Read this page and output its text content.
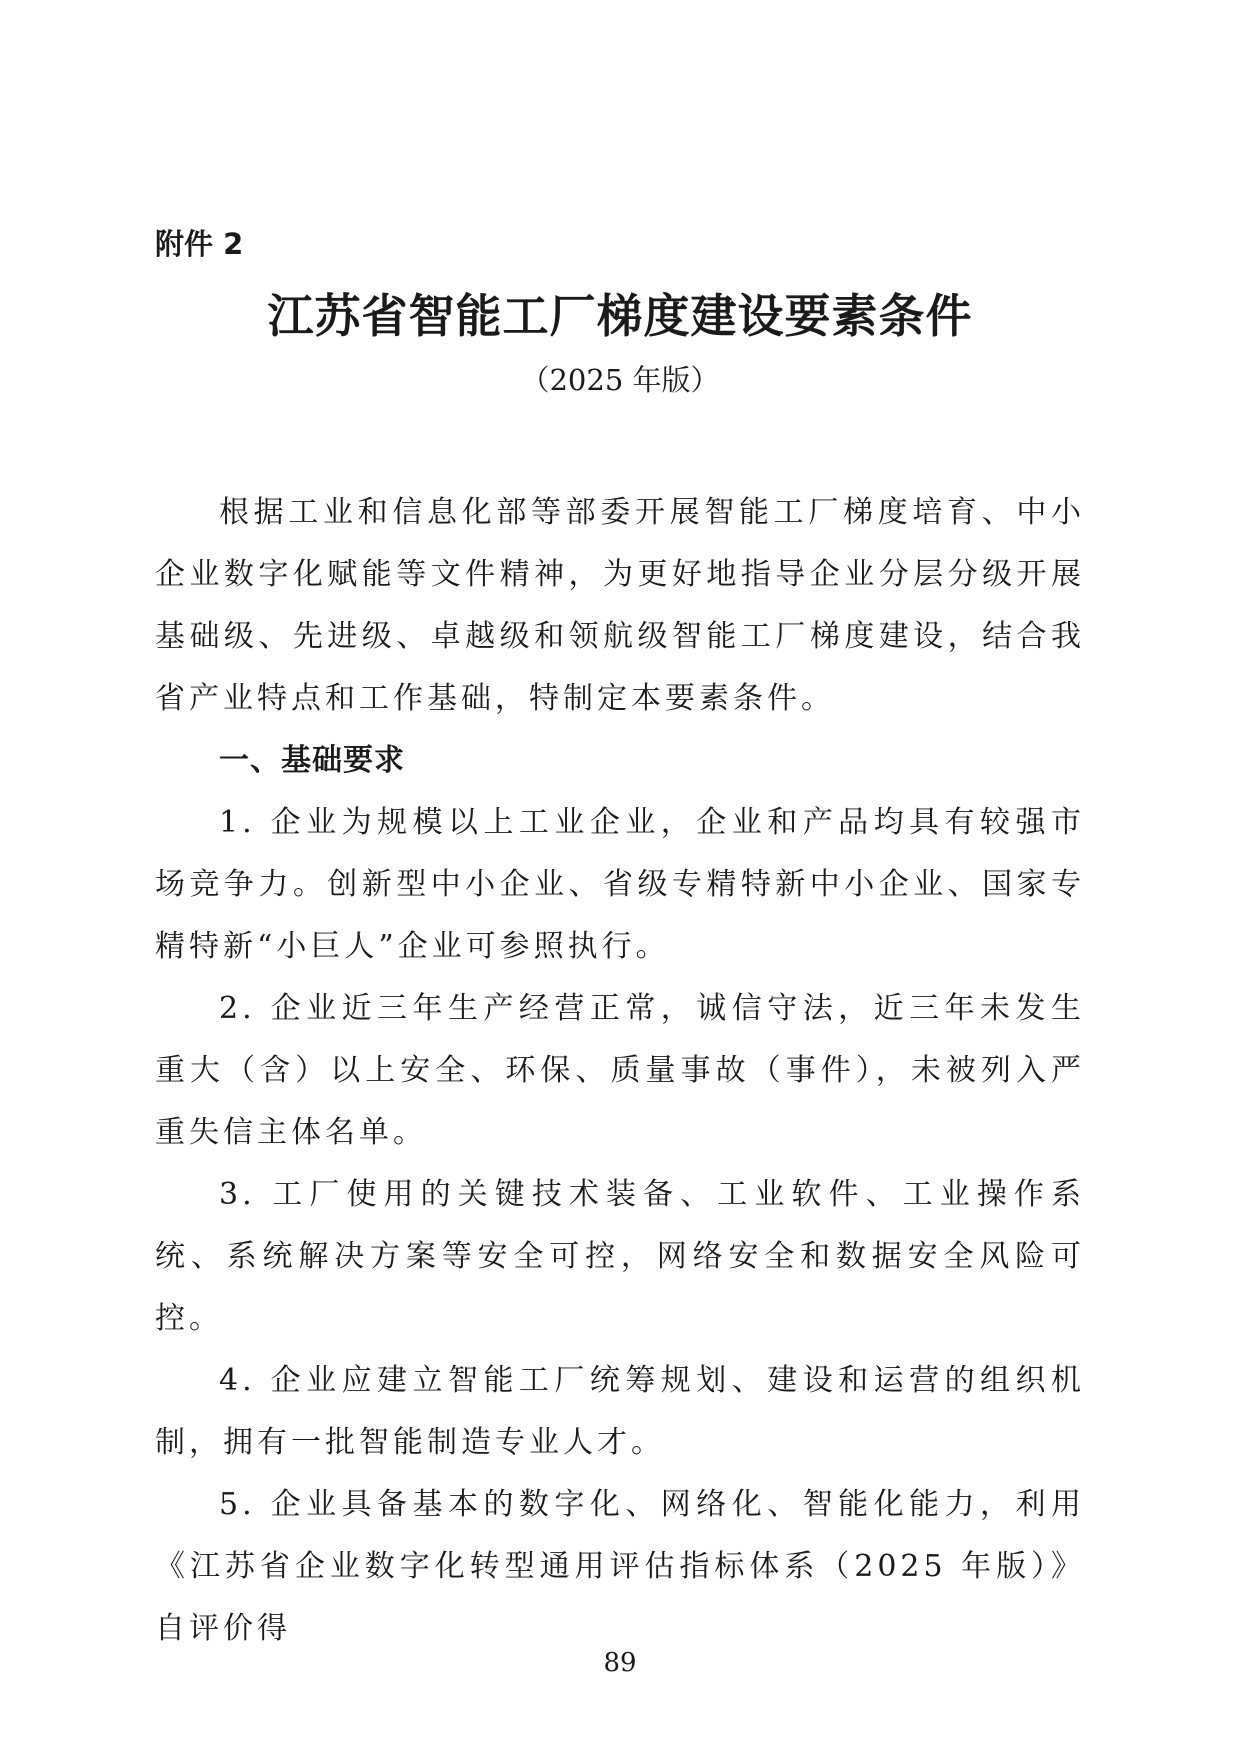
附件 2

江苏省智能工厂梯度建设要素条件

（2025 年版）

根据工业和信息化部等部委开展智能工厂梯度培育、中小企业数字化赋能等文件精神，为更好地指导企业分层分级开展基础级、先进级、卓越级和领航级智能工厂梯度建设，结合我省产业特点和工作基础，特制定本要素条件。

一、基础要求

1. 企业为规模以上工业企业，企业和产品均具有较强市场竞争力。创新型中小企业、省级专精特新中小企业、国家专精特新“小巨人”企业可参照执行。

2. 企业近三年生产经营正常，诚信守法，近三年未发生重大（含）以上安全、环保、质量事故（事件），未被列入严重失信主体名单。

3. 工厂使用的关键技术装备、工业软件、工业操作系统、系统解决方案等安全可控，网络安全和数据安全风险可控。

4. 企业应建立智能工厂统筹规划、建设和运营的组织机制，拥有一批智能制造专业人才。

5. 企业具备基本的数字化、网络化、智能化能力，利用《江苏省企业数字化转型通用评估指标体系（2025 年版）》自评价得

89
